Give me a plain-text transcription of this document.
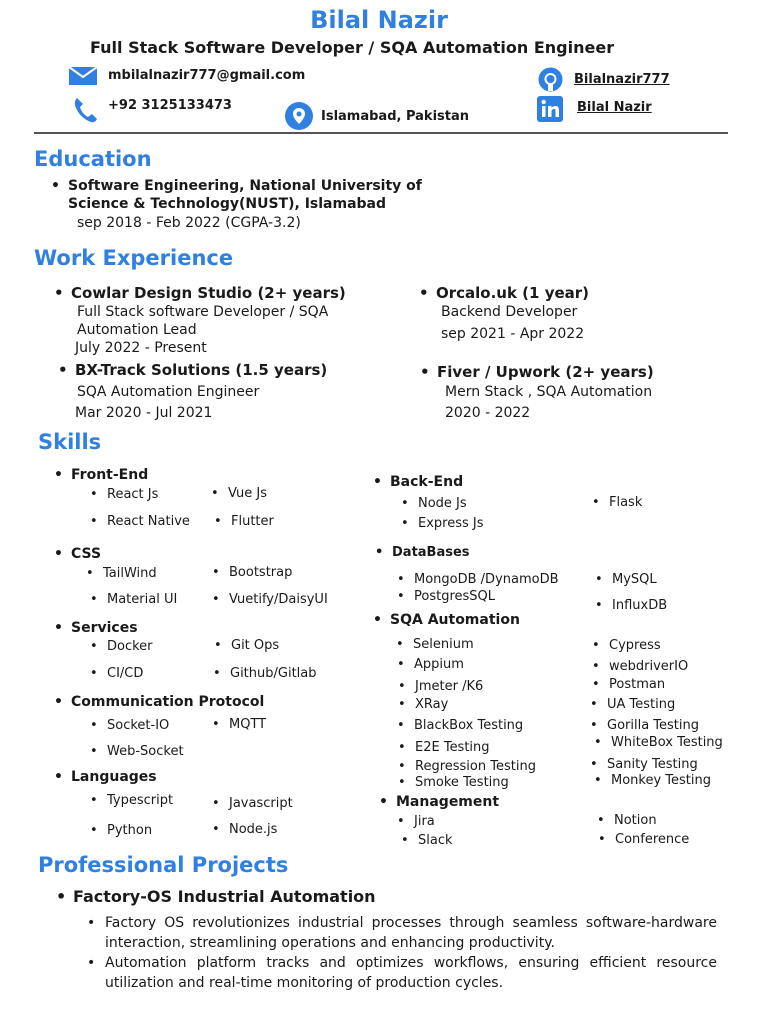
Bilal Nazir
Full Stack Software Developer / SQA Automation Engineer
mbilalnazir777@gmail.com
+92 3125133473
Islamabad, Pakistan
Bilalnazir777
Bilal Nazir
Education
• Software Engineering, National University of
Science & Technology(NUST), Islamabad
sep 2018 - Feb 2022 (CGPA-3.2)
Work Experience
• Cowlar Design Studio (2+ years)
Full Stack software Developer / SQA
Automation Lead
July 2022 - Present
• BX-Track Solutions (1.5 years)
SQA Automation Engineer
Mar 2020 - Jul 2021
• Orcalo.uk (1 year)
Backend Developer
sep 2021 - Apr 2022
• Fiver / Upwork (2+ years)
Mern Stack , SQA Automation
2020 - 2022
Skills
• Front-End
• React Js	• Vue Js
• React Native	• Flutter
• CSS
• TailWind	• Bootstrap
• Material UI	• Vuetify/DaisyUI
• Services
• Docker	• Git Ops
• CI/CD	• Github/Gitlab
• Communication Protocol
• Socket-IO	• MQTT
• Web-Socket
• Languages
• Typescript	• Javascript
• Python	• Node.js
• Back-End
• Node Js	• Flask
• Express Js
• DataBases
• MongoDB /DynamoDB	• MySQL
• PostgresSQL
• InfluxDB
• SQA Automation
• Selenium	• Cypress
• Appium	• webdriverIO
• Jmeter /K6	• Postman
• XRay	• UA Testing
• BlackBox Testing	• Gorilla Testing
• E2E Testing	• WhiteBox Testing
• Regression Testing	• Sanity Testing
• Smoke Testing	• Monkey Testing
• Management
• Jira	• Notion
• Slack	• Conference
Professional Projects
• Factory-OS Industrial Automation
• Factory OS revolutionizes industrial processes through seamless software-hardware interaction, streamlining operations and enhancing productivity.
• Automation platform tracks and optimizes workflows, ensuring efficient resource utilization and real-time monitoring of production cycles.
